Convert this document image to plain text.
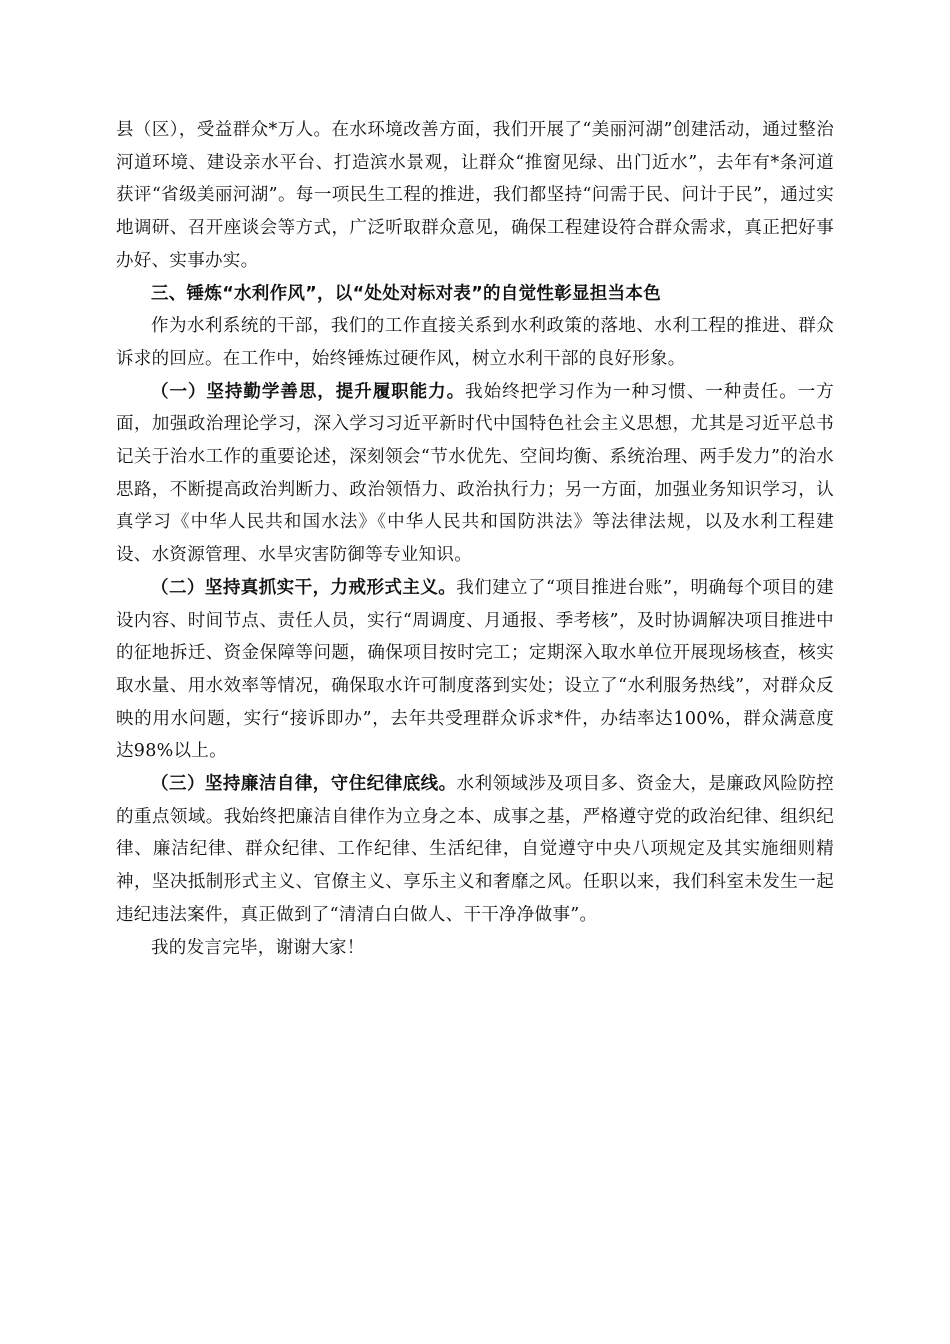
县（区），受益群众*万人。在水环境改善方面，我们开展了“美丽河湖”创建活动，通过整治河道环境、建设亲水平台、打造滨水景观，让群众“推窗见绿、出门近水”，去年有*条河道获评“省级美丽河湖”。每一项民生工程的推进，我们都坚持“问需于民、问计于民”，通过实地调研、召开座谈会等方式，广泛听取群众意见，确保工程建设符合群众需求，真正把好事办好、实事办实。

三、锤炼“水利作风”，以“处处对标对表”的自觉性彰显担当本色

作为水利系统的干部，我们的工作直接关系到水利政策的落地、水利工程的推进、群众诉求的回应。在工作中，始终锤炼过硬作风，树立水利干部的良好形象。

（一）坚持勤学善思，提升履职能力。我始终把学习作为一种习惯、一种责任。一方面，加强政治理论学习，深入学习习近平新时代中国特色社会主义思想，尤其是习近平总书记关于治水工作的重要论述，深刻领会“节水优先、空间均衡、系统治理、两手发力”的治水思路，不断提高政治判断力、政治领悟力、政治执行力；另一方面，加强业务知识学习，认真学习《中华人民共和国水法》《中华人民共和国防洪法》等法律法规，以及水利工程建设、水资源管理、水旱灾害防御等专业知识。

（二）坚持真抓实干，力戒形式主义。我们建立了“项目推进台账”，明确每个项目的建设内容、时间节点、责任人员，实行“周调度、月通报、季考核”，及时协调解决项目推进中的征地拆迁、资金保障等问题，确保项目按时完工；定期深入取水单位开展现场核查，核实取水量、用水效率等情况，确保取水许可制度落到实处；设立了“水利服务热线”，对群众反映的用水问题，实行“接诉即办”，去年共受理群众诉求*件，办结率达100%，群众满意度达98%以上。

（三）坚持廉洁自律，守住纪律底线。水利领域涉及项目多、资金大，是廉政风险防控的重点领域。我始终把廉洁自律作为立身之本、成事之基，严格遵守党的政治纪律、组织纪律、廉洁纪律、群众纪律、工作纪律、生活纪律，自觉遵守中央八项规定及其实施细则精神，坚决抵制形式主义、官僚主义、享乐主义和奢靡之风。任职以来，我们科室未发生一起违纪违法案件，真正做到了“清清白白做人、干干净净做事”。

我的发言完毕，谢谢大家！
